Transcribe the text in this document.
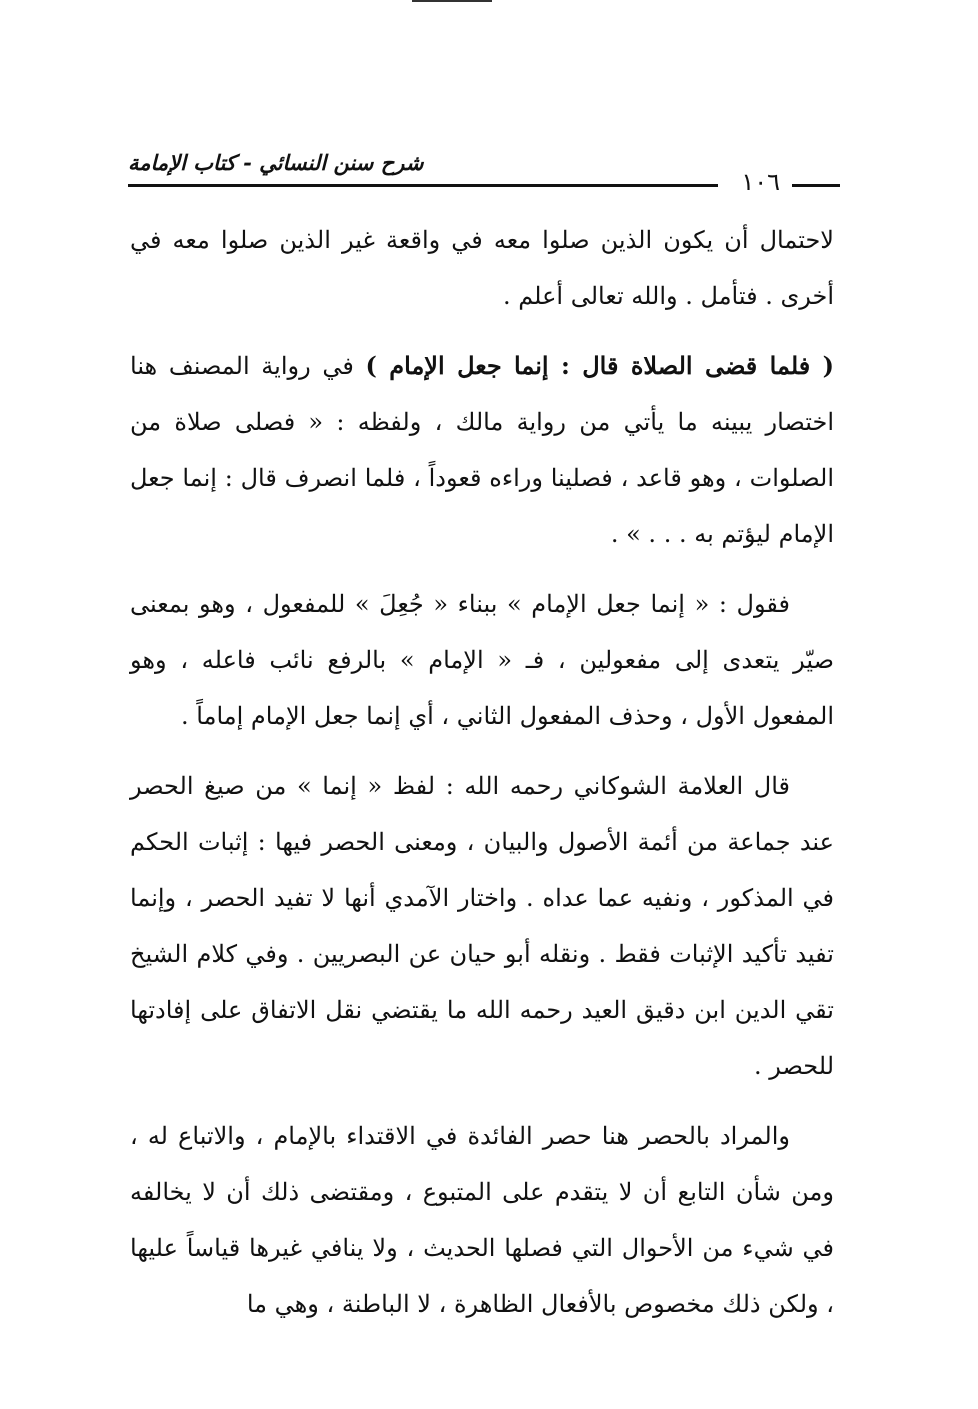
شرح سنن النسائي - كتاب الإمامة
١٠٦

لاحتمال أن يكون الذين صلوا معه في واقعة غير الذين صلوا معه في أخرى . فتأمل . والله تعالى أعلم .

( فلما قضى الصلاة قال : إنما جعل الإمام ) في رواية المصنف هنا اختصار يبينه ما يأتي من رواية مالك ، ولفظه : « فصلى صلاة من الصلوات ، وهو قاعد ، فصلينا وراءه قعوداً ، فلما انصرف قال : إنما جعل الإمام ليؤتم به . . . » .

فقول : « إنما جعل الإمام » ببناء « جُعِلَ » للمفعول ، وهو بمعنى صيّر يتعدى إلى مفعولين ، فـ « الإمام » بالرفع نائب فاعله ، وهو المفعول الأول ، وحذف المفعول الثاني ، أي إنما جعل الإمام إماماً .

قال العلامة الشوكاني رحمه الله : لفظ « إنما » من صيغ الحصر عند جماعة من أئمة الأصول والبيان ، ومعنى الحصر فيها : إثبات الحكم في المذكور ، ونفيه عما عداه . واختار الآمدي أنها لا تفيد الحصر ، وإنما تفيد تأكيد الإثبات فقط . ونقله أبو حيان عن البصريين . وفي كلام الشيخ تقي الدين ابن دقيق العيد رحمه الله ما يقتضي نقل الاتفاق على إفادتها للحصر .

والمراد بالحصر هنا حصر الفائدة في الاقتداء بالإمام ، والاتباع له ، ومن شأن التابع أن لا يتقدم على المتبوع ، ومقتضى ذلك أن لا يخالفه في شيء من الأحوال التي فصلها الحديث ، ولا ينافي غيرها قياساً عليها ، ولكن ذلك مخصوص بالأفعال الظاهرة ، لا الباطنة ، وهي ما
